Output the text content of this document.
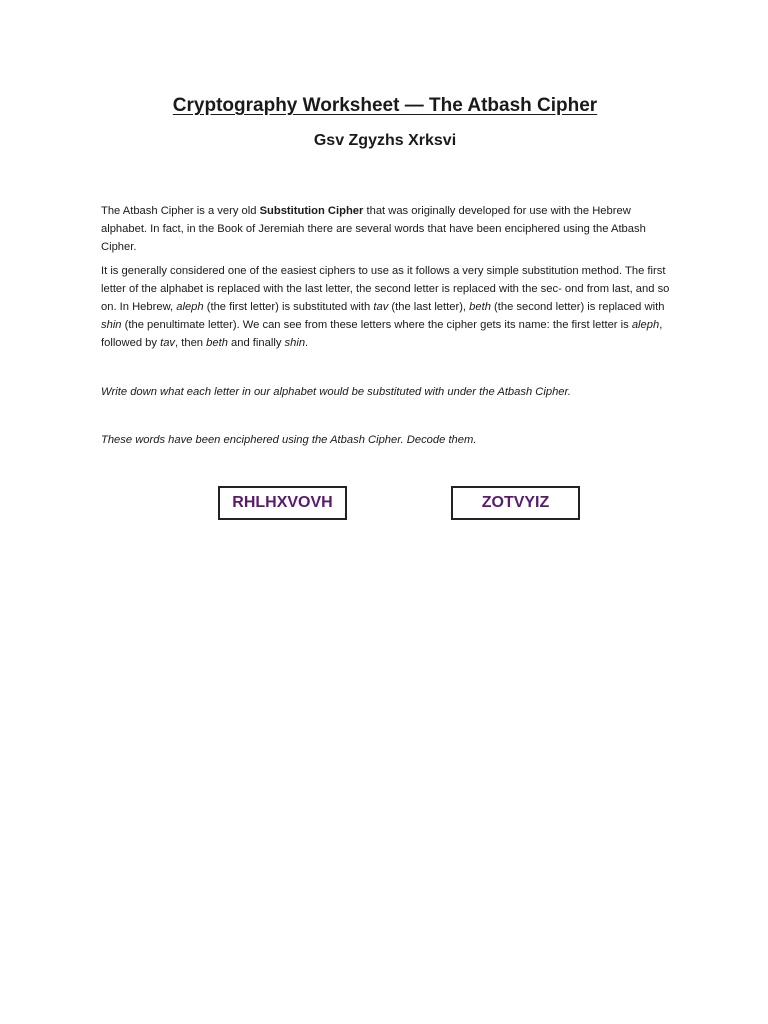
Cryptography Worksheet — The Atbash Cipher
Gsv Zgyzhs Xrksvi

The Atbash Cipher is a very old Substitution Cipher that was originally developed for use with the Hebrew alphabet. In fact, in the Book of Jeremiah there are several words that have been enciphered using the Atbash Cipher.

It is generally considered one of the easiest ciphers to use as it follows a very simple substitution method. The first letter of the alphabet is replaced with the last letter, the second letter is replaced with the sec- ond from last, and so on. In Hebrew, aleph (the first letter) is substituted with tav (the last letter), beth (the second letter) is replaced with shin (the penultimate letter). We can see from these letters where the cipher gets its name: the first letter is aleph, followed by tav, then beth and finally shin.

Write down what each letter in our alphabet would be substituted with under the Atbash Cipher.

These words have been enciphered using the Atbash Cipher. Decode them.

RHLHXVOVH	ZOTVYIZ
